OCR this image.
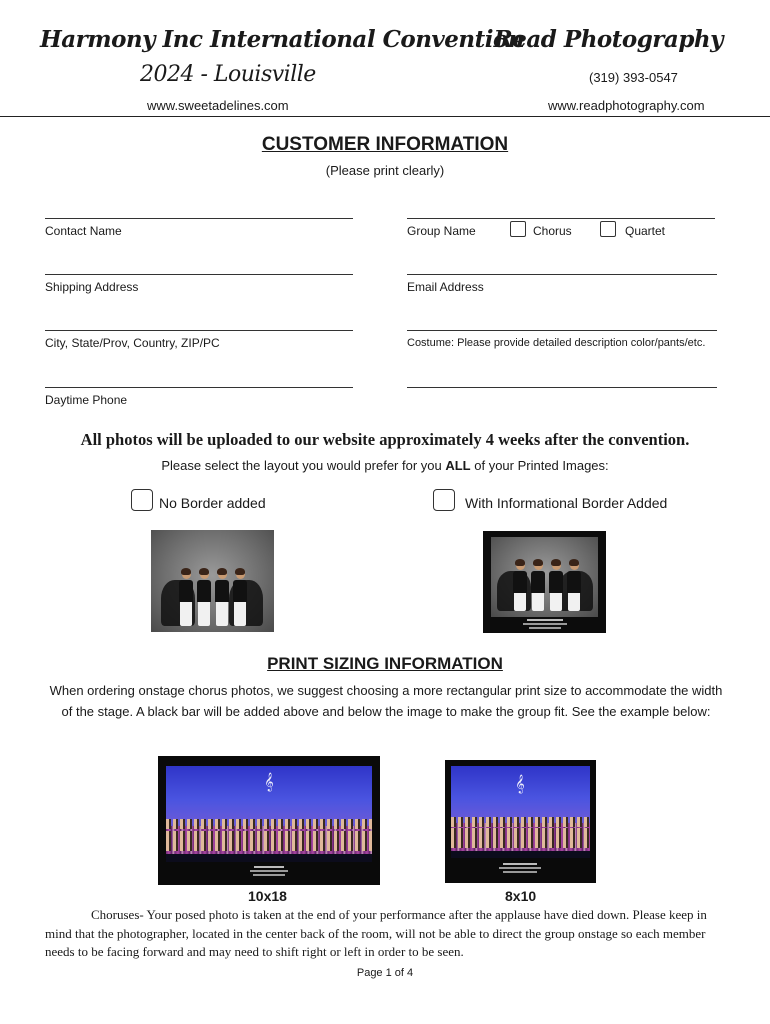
Harmony Inc International Convention
2024 - Louisville
www.sweetadelines.com
Read Photography
(319) 393-0547
www.readphotography.com
CUSTOMER INFORMATION
(Please print clearly)
Contact Name
Shipping Address
City, State/Prov, Country, ZIP/PC
Daytime Phone
Group Name	Chorus	Quartet
Email Address
Costume: Please provide detailed description color/pants/etc.
All photos will be uploaded to our website approximately 4 weeks after the convention.
Please select the layout you would prefer for you ALL of your Printed Images:
No Border added	With Informational Border Added
PRINT SIZING INFORMATION
When ordering onstage chorus photos, we suggest choosing a more rectangular print size to accommodate the width of the stage. A black bar will be added above and below the image to make the group fit. See the example below:
𝄞	𝄞
10x18	8x10
Choruses- Your posed photo is taken at the end of your performance after the applause have died down. Please keep in mind that the photographer, located in the center back of the room, will not be able to direct the group onstage so each member needs to be facing forward and may need to shift right or left in order to be seen.
Page 1 of 4
